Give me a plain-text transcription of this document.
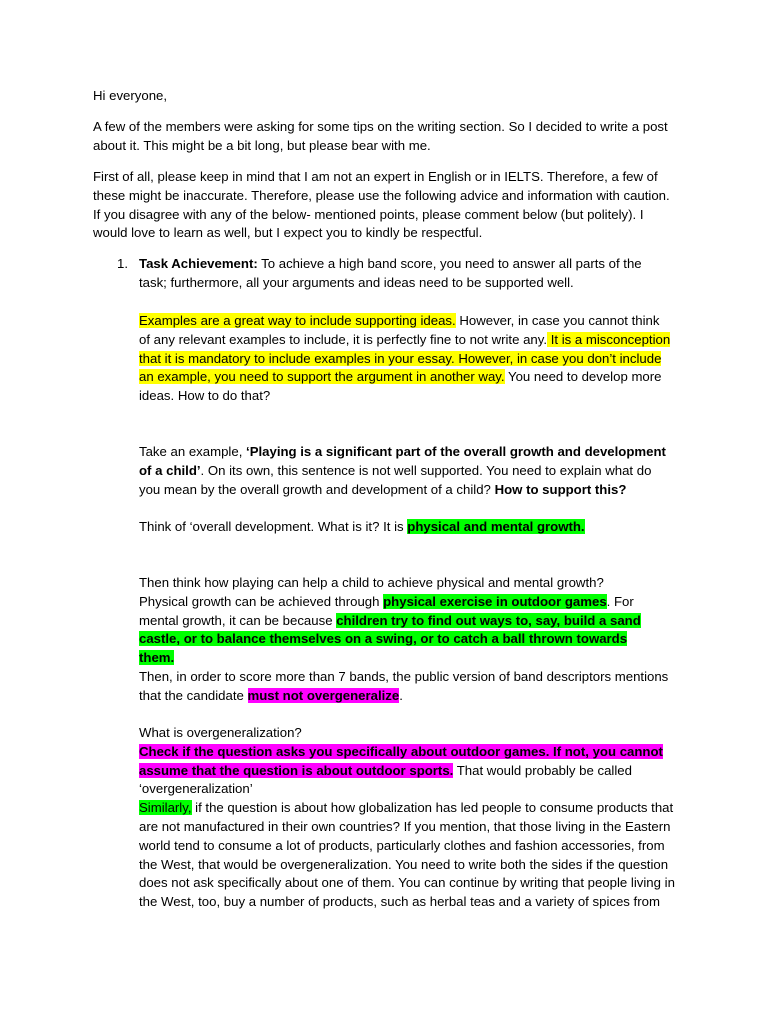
Hi everyone,

A few of the members were asking for some tips on the writing section. So I decided to write a post about it. This might be a bit long, but please bear with me.

First of all, please keep in mind that I am not an expert in English or in IELTS. Therefore, a few of these might be inaccurate. Therefore, please use the following advice and information with caution. If you disagree with any of the below- mentioned points, please comment below (but politely). I would love to learn as well, but I expect you to kindly be respectful.

1. Task Achievement: To achieve a high band score, you need to answer all parts of the task; furthermore, all your arguments and ideas need to be supported well.

Examples are a great way to include supporting ideas. However, in case you cannot think of any relevant examples to include, it is perfectly fine to not write any. It is a misconception that it is mandatory to include examples in your essay. However, in case you don’t include an example, you need to support the argument in another way. You need to develop more ideas. How to do that?

Take an example, ‘Playing is a significant part of the overall growth and development of a child’. On its own, this sentence is not well supported. You need to explain what do you mean by the overall growth and development of a child? How to support this?

Think of ‘overall development. What is it? It is physical and mental growth.

Then think how playing can help a child to achieve physical and mental growth? Physical growth can be achieved through physical exercise in outdoor games. For mental growth, it can be because children try to find out ways to, say, build a sand castle, or to balance themselves on a swing, or to catch a ball thrown towards them.

Then, in order to score more than 7 bands, the public version of band descriptors mentions that the candidate must not overgeneralize.

What is overgeneralization?
Check if the question asks you specifically about outdoor games. If not, you cannot assume that the question is about outdoor sports. That would probably be called ‘overgeneralization’
Similarly, if the question is about how globalization has led people to consume products that are not manufactured in their own countries? If you mention, that those living in the Eastern world tend to consume a lot of products, particularly clothes and fashion accessories, from the West, that would be overgeneralization. You need to write both the sides if the question does not ask specifically about one of them. You can continue by writing that people living in the West, too, buy a number of products, such as herbal teas and a variety of spices from
